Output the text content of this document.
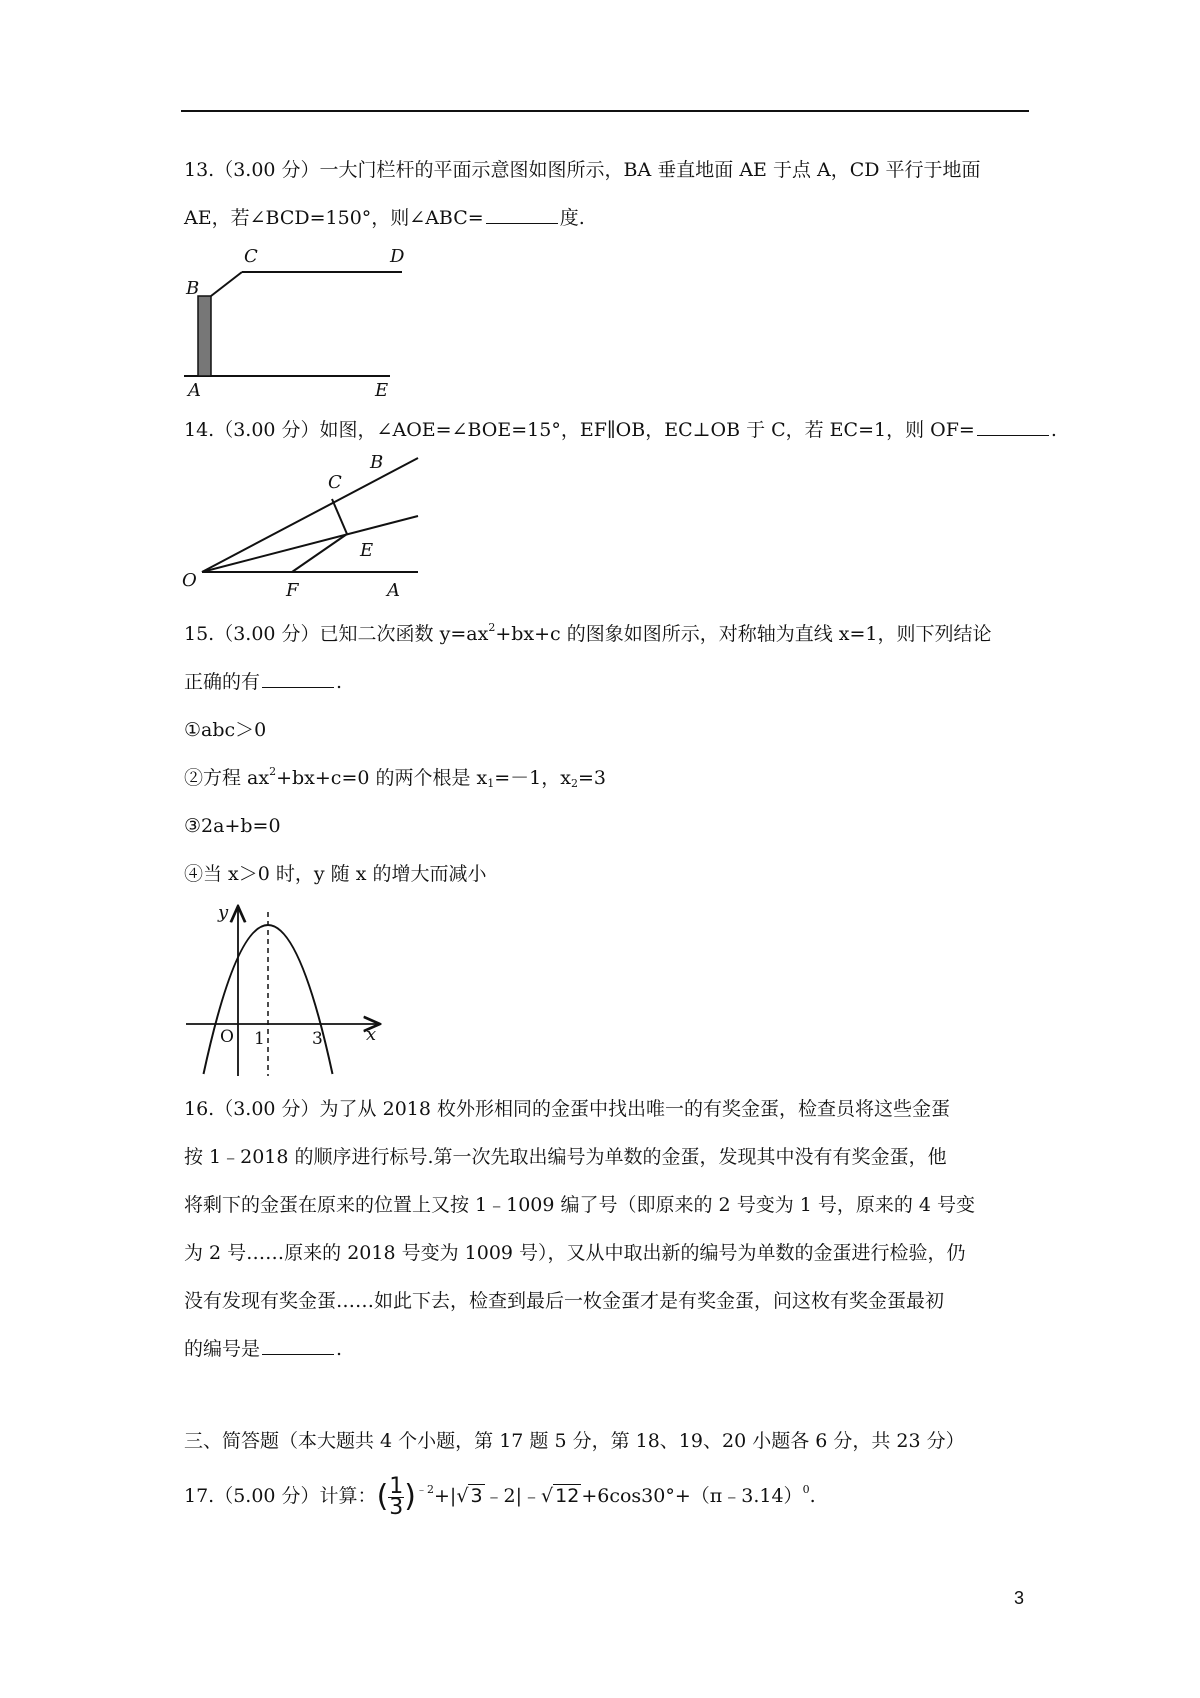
13.（3.00 分）一大门栏杆的平面示意图如图所示，BA 垂直地面 AE 于点 A，CD 平行于地面
AE，若∠BCD=150°，则∠ABC=	度.
B
C	D
A	E
14.（3.00 分）如图，∠AOE=∠BOE=15°，EF∥OB，EC⊥OB 于 C，若 EC=1，则 OF=	.
O
B
C
E
F	A
15.（3.00 分）已知二次函数 $y=ax^2+bx+c$ 的图象如图所示，对称轴为直线 x=1，则下列结论
正确的有	.
①abc＞0
②方程 $ax^2+bx+c=0$ 的两个根是 $x_1=-1$，$x_2=3$
③2a+b=0
④当 x＞0 时，y 随 x 的增大而减小
y
x
O 1	3
16.（3.00 分）为了从 2018 枚外形相同的金蛋中找出唯一的有奖金蛋，检查员将这些金蛋
按 1﹣2018 的顺序进行标号.第一次先取出编号为单数的金蛋，发现其中没有有奖金蛋，他
将剩下的金蛋在原来的位置上又按 1﹣1009 编了号（即原来的 2 号变为 1 号，原来的 4 号变
为 2 号……原来的 2018 号变为 1009 号），又从中取出新的编号为单数的金蛋进行检验，仍
没有发现有奖金蛋……如此下去，检查到最后一枚金蛋才是有奖金蛋，问这枚有奖金蛋最初
的编号是	.
三、简答题（本大题共 4 个小题，第 17 题 5 分，第 18、19、20 小题各 6 分，共 23 分）
17.（5.00 分）计算：( $\frac{1}{3} )^{﹣2}+|√$ 3 ﹣2|﹣√ 12 +6cos30°+（π﹣3.14）$^0$.
3
